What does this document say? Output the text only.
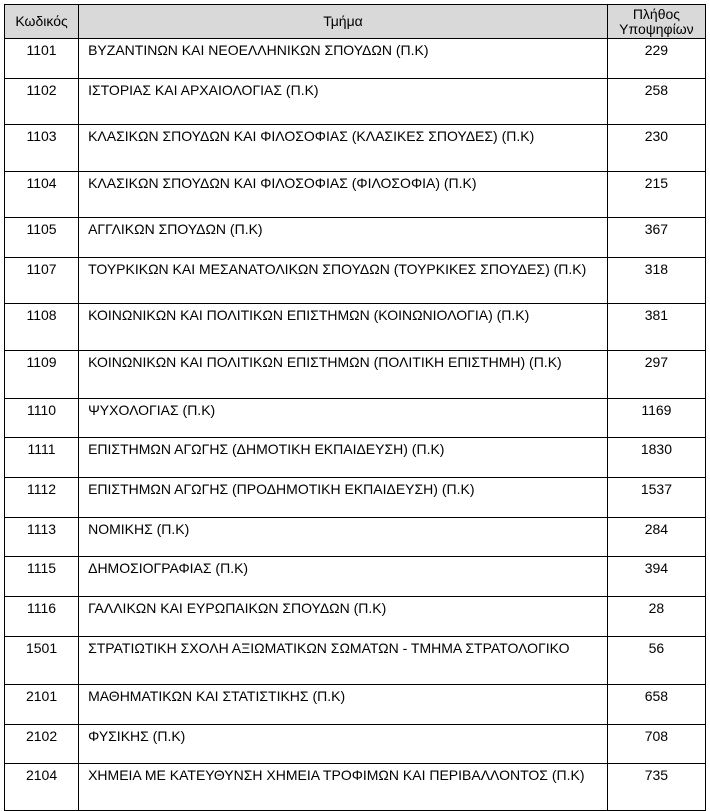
Κωδικός	Τμήμα	Πλήθος
Υποψηφίων
1101	ΒΥΖΑΝΤΙΝΩΝ ΚΑΙ ΝΕΟΕΛΛΗΝΙΚΩΝ ΣΠΟΥΔΩΝ (Π.Κ)	229
1102	ΙΣΤΟΡΙΑΣ ΚΑΙ ΑΡΧΑΙΟΛΟΓΙΑΣ (Π.Κ)	258
1103	ΚΛΑΣΙΚΩΝ ΣΠΟΥΔΩΝ ΚΑΙ ΦΙΛΟΣΟΦΙΑΣ (ΚΛΑΣΙΚΕΣ ΣΠΟΥΔΕΣ) (Π.Κ)	230
1104	ΚΛΑΣΙΚΩΝ ΣΠΟΥΔΩΝ ΚΑΙ ΦΙΛΟΣΟΦΙΑΣ (ΦΙΛΟΣΟΦΙΑ) (Π.Κ)	215
1105	ΑΓΓΛΙΚΩΝ ΣΠΟΥΔΩΝ (Π.Κ)	367
1107	ΤΟΥΡΚΙΚΩΝ ΚΑΙ ΜΕΣΑΝΑΤΟΛΙΚΩΝ ΣΠΟΥΔΩΝ (ΤΟΥΡΚΙΚΕΣ ΣΠΟΥΔΕΣ) (Π.Κ)	318
1108	ΚΟΙΝΩΝΙΚΩΝ ΚΑΙ ΠΟΛΙΤΙΚΩΝ ΕΠΙΣΤΗΜΩΝ (ΚΟΙΝΩΝΙΟΛΟΓΙΑ) (Π.Κ)	381
1109	ΚΟΙΝΩΝΙΚΩΝ ΚΑΙ ΠΟΛΙΤΙΚΩΝ ΕΠΙΣΤΗΜΩΝ (ΠΟΛΙΤΙΚΗ ΕΠΙΣΤΗΜΗ) (Π.Κ)	297
1110	ΨΥΧΟΛΟΓΙΑΣ (Π.Κ)	1169
1111	ΕΠΙΣΤΗΜΩΝ ΑΓΩΓΗΣ (ΔΗΜΟΤΙΚΗ ΕΚΠΑΙΔΕΥΣΗ) (Π.Κ)	1830
1112	ΕΠΙΣΤΗΜΩΝ ΑΓΩΓΗΣ (ΠΡΟΔΗΜΟΤΙΚΗ ΕΚΠΑΙΔΕΥΣΗ) (Π.Κ)	1537
1113	ΝΟΜΙΚΗΣ (Π.Κ)	284
1115	ΔΗΜΟΣΙΟΓΡΑΦΙΑΣ (Π.Κ)	394
1116	ΓΑΛΛΙΚΩΝ ΚΑΙ ΕΥΡΩΠΑΙΚΩΝ ΣΠΟΥΔΩΝ (Π.Κ)	28
1501	ΣΤΡΑΤΙΩΤΙΚΗ ΣΧΟΛΗ ΑΞΙΩΜΑΤΙΚΩΝ ΣΩΜΑΤΩΝ - ΤΜΗΜΑ ΣΤΡΑΤΟΛΟΓΙΚΟ	56
2101	ΜΑΘΗΜΑΤΙΚΩΝ ΚΑΙ ΣΤΑΤΙΣΤΙΚΗΣ (Π.Κ)	658
2102	ΦΥΣΙΚΗΣ (Π.Κ)	708
2104	ΧΗΜΕΙΑ ΜΕ ΚΑΤΕΥΘΥΝΣΗ ΧΗΜΕΙΑ ΤΡΟΦΙΜΩΝ ΚΑΙ ΠΕΡΙΒΑΛΛΟΝΤΟΣ (Π.Κ)	735
